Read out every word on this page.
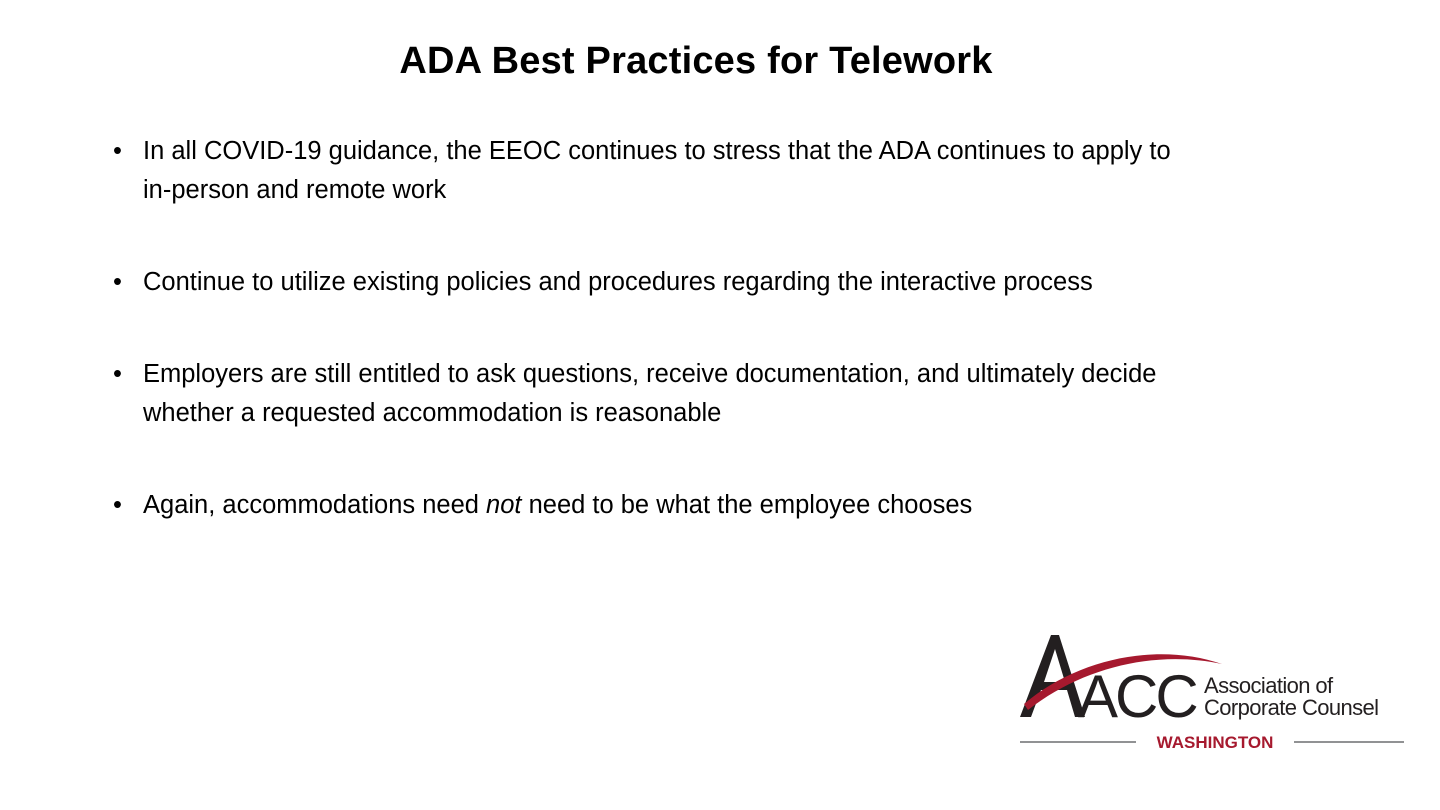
ADA Best Practices for Telework
• In all COVID-19 guidance, the EEOC continues to stress that the ADA continues to apply to in-person and remote work
• Continue to utilize existing policies and procedures regarding the interactive process
• Employers are still entitled to ask questions, receive documentation, and ultimately decide whether a requested accommodation is reasonable
• Again, accommodations need not need to be what the employee chooses
ACC Association of
Corporate Counsel
WASHINGTON
